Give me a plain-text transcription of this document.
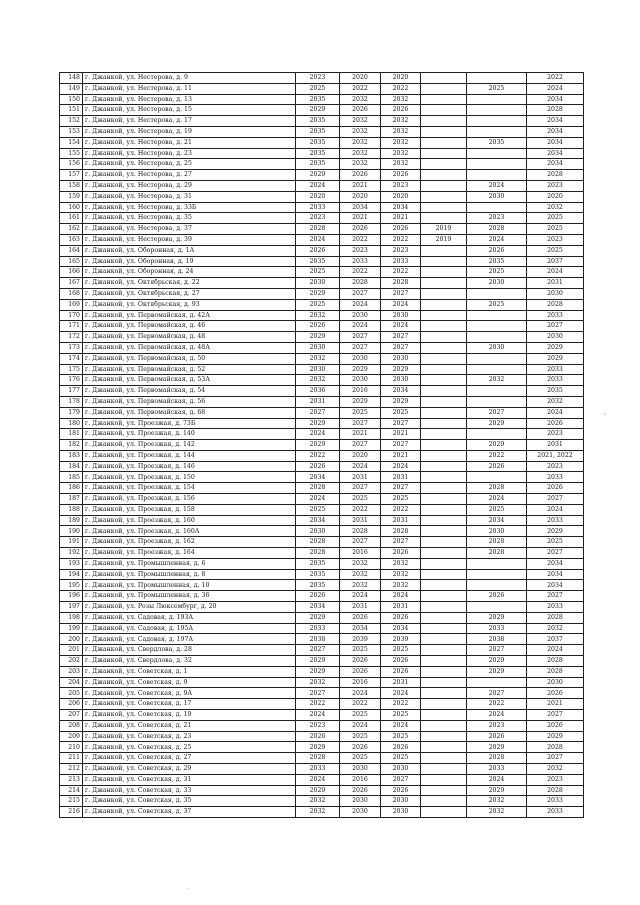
148	г. Джанкой, ул. Нестерова, д. 9	2023	2020	2020			2022
149	г. Джанкой, ул. Нестерова, д. 11	2025	2022	2022		2025	2024
150	г. Джанкой, ул. Нестерова, д. 13	2035	2032	2032			2034
151	г. Джанкой, ул. Нестерова, д. 15	2029	2026	2026			2028
152	г. Джанкой, ул. Нестерова, д. 17	2035	2032	2032			2034
153	г. Джанкой, ул. Нестерова, д. 19	2035	2032	2032			2034
154	г. Джанкой, ул. Нестерова, д. 21	2035	2032	2032		2035	2034
155	г. Джанкой, ул. Нестерова, д. 23	2035	2032	2032			2034
156	г. Джанкой, ул. Нестерова, д. 25	2035	2032	2032			2034
157	г. Джанкой, ул. Нестерова, д. 27	2029	2026	2026			2028
158	г. Джанкой, ул. Нестерова, д. 29	2024	2021	2023		2024	2023
159	г. Джанкой, ул. Нестерова, д. 31	2020	2020	2020		2030	2020
160	г. Джанкой, ул. Нестерова, д. 33Б	2033	2034	2034			2032
161	г. Джанкой, ул. Нестерова, д. 35	2023	2021	2021		2023	2025
162	г. Джанкой, ул. Нестерова, д. 37	2028	2026	2026	2019	2028	2025
163	г. Джанкой, ул. Нестерова, д. 39	2024	2022	2022	2019	2024	2023
164	г. Джанкой, ул. Оборонная, д. 1А	2026	2023	2023		2026	2025
165	г. Джанкой, ул. Оборонная, д. 19	2035	2033	2033		2035	2037
166	г. Джанкой, ул. Оборонная, д. 24	2025	2022	2022		2025	2024
167	г. Джанкой, ул. Октябрьская, д. 22	2030	2028	2028		2030	2031
168	г. Джанкой, ул. Октябрьская, д. 27	2029	2027	2027			2030
169	г. Джанкой, ул. Октябрьская, д. 93	2025	2024	2024		2025	2028
170	г. Джанкой, ул. Первомайская, д. 42А	2032	2030	2030			2033
171	г. Джанкой, ул. Первомайская, д. 46	2026	2024	2024			2027
172	г. Джанкой, ул. Первомайская, д. 48	2029	2027	2027			2030
173	г. Джанкой, ул. Первомайская, д. 48А	2030	2027	2027		2030	2029
174	г. Джанкой, ул. Первомайская, д. 50	2032	2030	2030			2029
175	г. Джанкой, ул. Первомайская, д. 52	2030	2029	2029			2033
176	г. Джанкой, ул. Первомайская, д. 53А	2032	2030	2030		2032	2033
177	г. Джанкой, ул. Первомайская, д. 54	2036	2016	2034			2035
178	г. Джанкой, ул. Первомайская, д. 56	2031	2029	2029			2032
179	г. Джанкой, ул. Первомайская, д. 68	2027	2025	2025		2027	2024
180	г. Джанкой, ул. Проезжая, д. 73Б	2029	2027	2027		2029	2026
181	г. Джанкой, ул. Проезжая, д. 140	2024	2021	2021			2023
182	г. Джанкой, ул. Проезжая, д. 142	2029	2027	2027		2029	2031
183	г. Джанкой, ул. Проезжая, д. 144	2022	2020	2021		2022	2021, 2022
184	г. Джанкой, ул. Проезжая, д. 146	2026	2024	2024		2026	2023
185	г. Джанкой, ул. Проезжая, д. 150	2034	2031	2031			2033
186	г. Джанкой, ул. Проезжая, д. 154	2028	2027	2027		2028	2026
187	г. Джанкой, ул. Проезжая, д. 156	2024	2025	2025		2024	2027
188	г. Джанкой, ул. Проезжая, д. 158	2025	2022	2022		2025	2024
189	г. Джанкой, ул. Проезжая, д. 160	2034	2031	2031		2034	2033
190	г. Джанкой, ул. Проезжая, д. 160А	2030	2028	2028		2030	2029
191	г. Джанкой, ул. Проезжая, д. 162	2028	2027	2027		2028	2025
192	г. Джанкой, ул. Проезжая, д. 164	2028	2016	2026		2028	2027
193	г. Джанкой, ул. Промышленная, д. 6	2035	2032	2032			2034
194	г. Джанкой, ул. Промышленная, д. 8	2035	2032	2032			2034
195	г. Джанкой, ул. Промышленная, д. 10	2035	2032	2032			2034
196	г. Джанкой, ул. Промышленная, д. 36	2026	2024	2024		2026	2027
197	г. Джанкой, ул. Розы Люксембург, д. 20	2034	2031	2031			2033
198	г. Джанкой, ул. Садовая, д. 193А	2029	2026	2026		2029	2028
199	г. Джанкой, ул. Садовая, д. 195А	2033	2034	2034		2033	2032
200	г. Джанкой, ул. Садовая, д. 197А	2038	2039	2039		2038	2037
201	г. Джанкой, ул. Свердлова, д. 28	2027	2025	2025		2027	2024
202	г. Джанкой, ул. Свердлова, д. 32	2029	2026	2026		2029	2028
203	г. Джанкой, ул. Советская, д. 1	2029	2026	2026		2029	2028
204	г. Джанкой, ул. Советская, д. 9	2032	2016	2031			2030
205	г. Джанкой, ул. Советская, д. 9А	2027	2024	2024		2027	2026
206	г. Джанкой, ул. Советская, д. 17	2022	2022	2022		2022	2021
207	г. Джанкой, ул. Советская, д. 19	2024	2025	2025		2024	2027
208	г. Джанкой, ул. Советская, д. 21	2023	2024	2024		2023	2026
209	г. Джанкой, ул. Советская, д. 23	2026	2025	2025		2026	2029
210	г. Джанкой, ул. Советская, д. 25	2029	2026	2026		2029	2028
211	г. Джанкой, ул. Советская, д. 27	2028	2025	2025		2028	2027
212	г. Джанкой, ул. Советская, д. 29	2033	2030	2030		2033	2032
213	г. Джанкой, ул. Советская, д. 31	2024	2016	2027		2024	2023
214	г. Джанкой, ул. Советская, д. 33	2029	2026	2026		2029	2028
215	г. Джанкой, ул. Советская, д. 35	2032	2030	2030		2032	2033
216	г. Джанкой, ул. Советская, д. 37	2032	2030	2030		2032	2033
'
·
